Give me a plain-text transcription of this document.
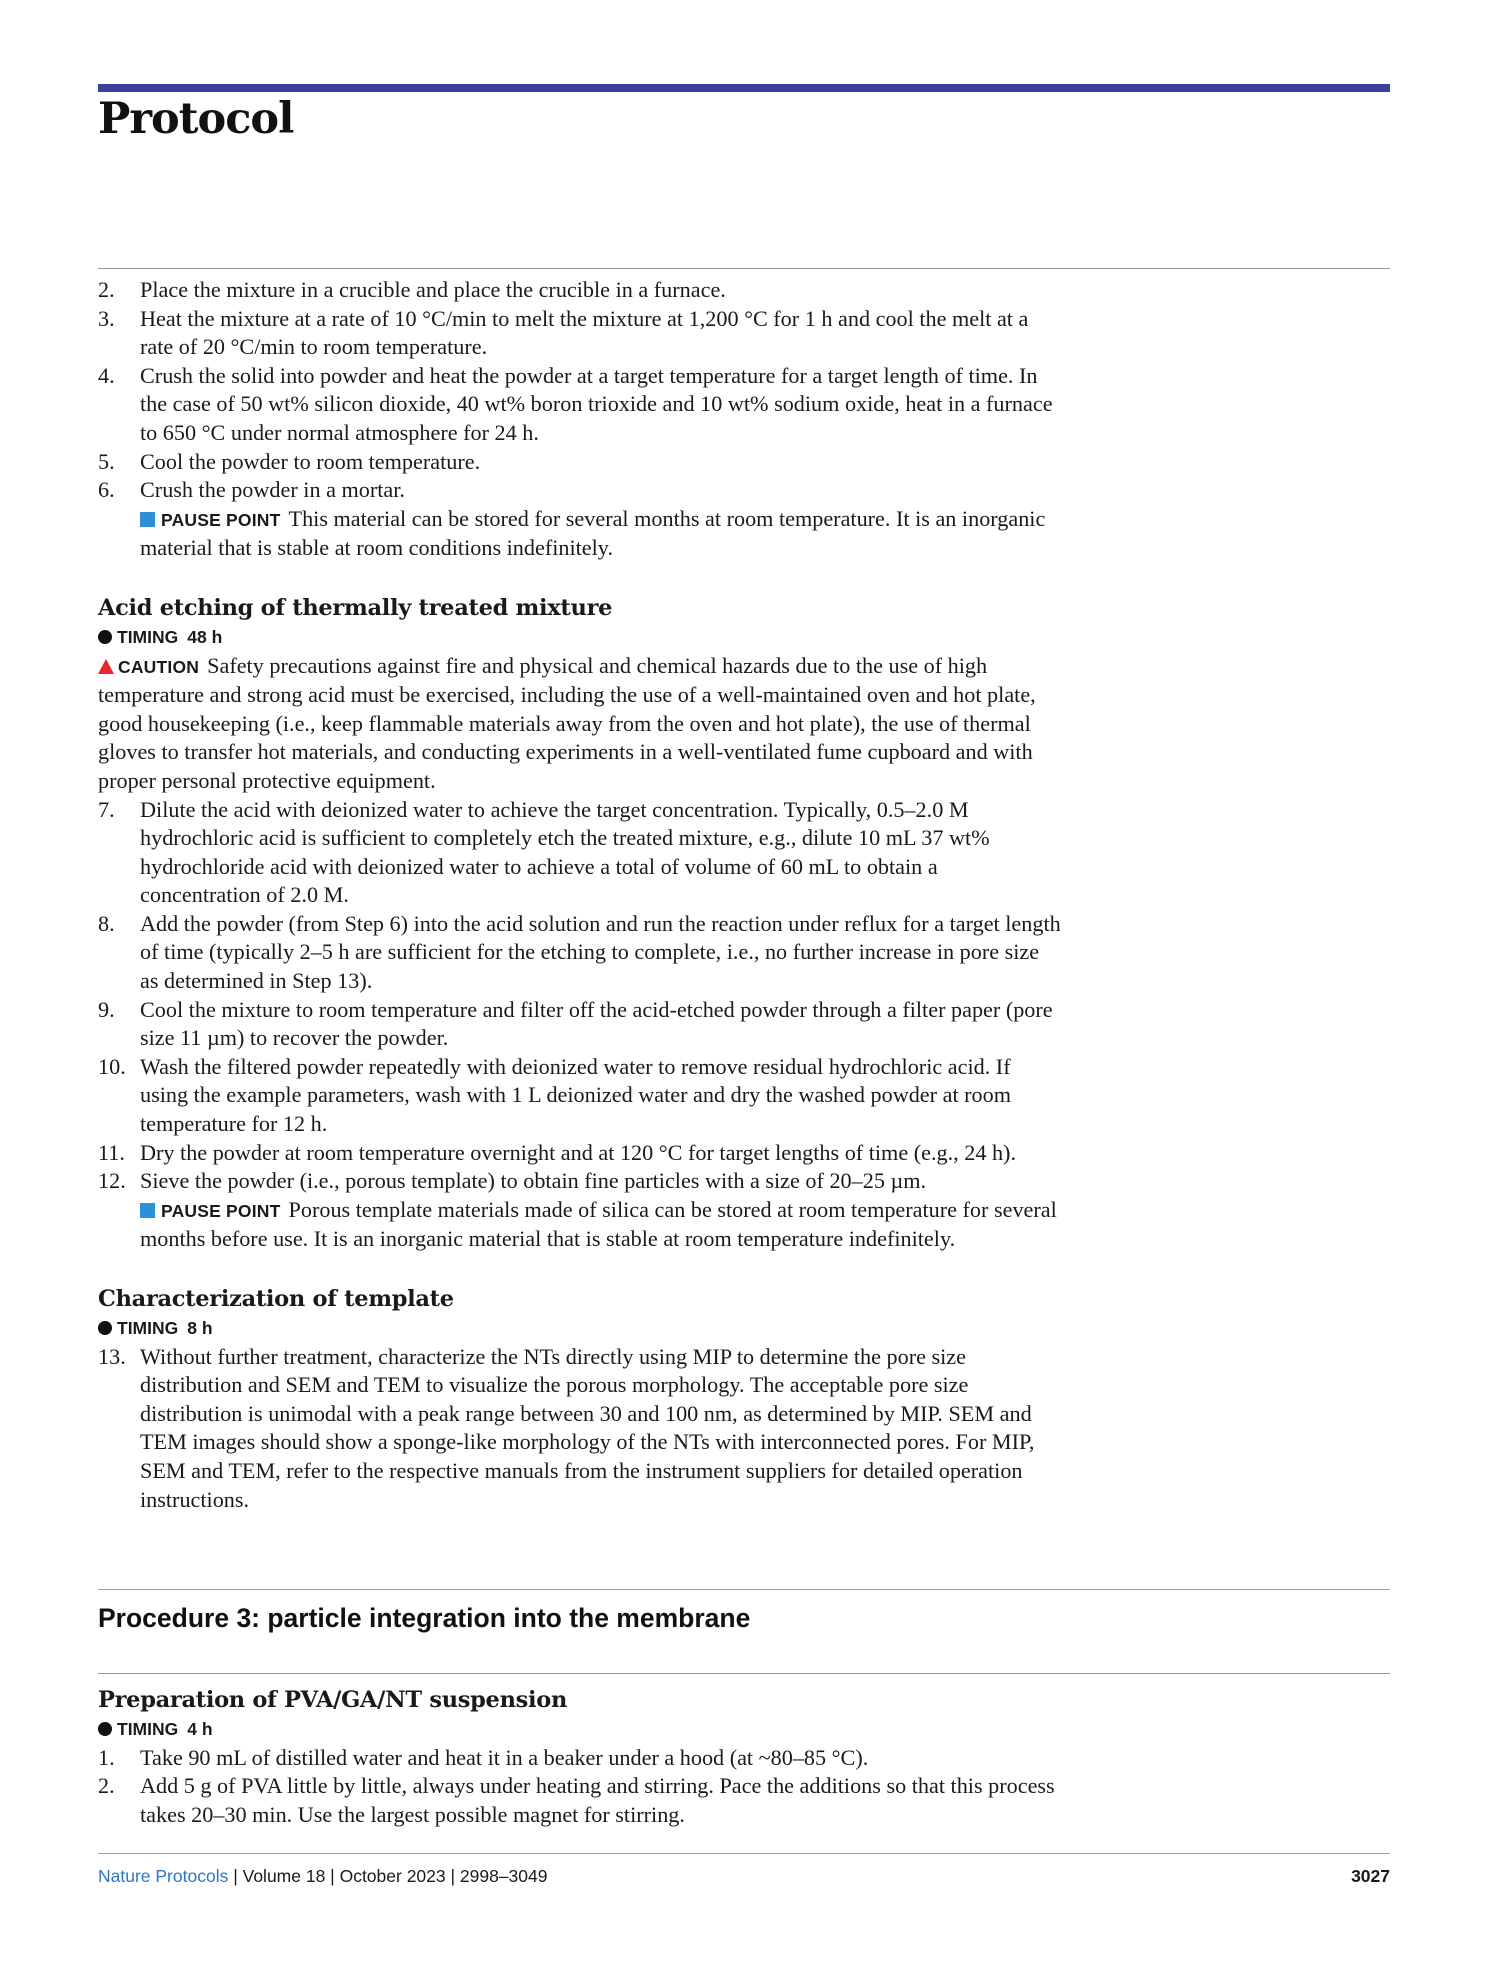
Protocol
2.	Place the mixture in a crucible and place the crucible in a furnace.
3.	Heat the mixture at a rate of 10 °C/min to melt the mixture at 1,200 °C for 1 h and cool the melt at a rate of 20 °C/min to room temperature.
4.	Crush the solid into powder and heat the powder at a target temperature for a target length of time. In the case of 50 wt% silicon dioxide, 40 wt% boron trioxide and 10 wt% sodium oxide, heat in a furnace to 650 °C under normal atmosphere for 24 h.
5.	Cool the powder to room temperature.
6.	Crush the powder in a mortar.
PAUSE POINT This material can be stored for several months at room temperature. It is an inorganic material that is stable at room conditions indefinitely.
Acid etching of thermally treated mixture
TIMING 48 h
CAUTION Safety precautions against fire and physical and chemical hazards due to the use of high temperature and strong acid must be exercised, including the use of a well-maintained oven and hot plate, good housekeeping (i.e., keep flammable materials away from the oven and hot plate), the use of thermal gloves to transfer hot materials, and conducting experiments in a well-ventilated fume cupboard and with proper personal protective equipment.
7.	Dilute the acid with deionized water to achieve the target concentration. Typically, 0.5–2.0 M hydrochloric acid is sufficient to completely etch the treated mixture, e.g., dilute 10 mL 37 wt% hydrochloride acid with deionized water to achieve a total of volume of 60 mL to obtain a concentration of 2.0 M.
8.	Add the powder (from Step 6) into the acid solution and run the reaction under reflux for a target length of time (typically 2–5 h are sufficient for the etching to complete, i.e., no further increase in pore size as determined in Step 13).
9.	Cool the mixture to room temperature and filter off the acid-etched powder through a filter paper (pore size 11 µm) to recover the powder.
10. Wash the filtered powder repeatedly with deionized water to remove residual hydrochloric acid. If using the example parameters, wash with 1 L deionized water and dry the washed powder at room temperature for 12 h.
11. Dry the powder at room temperature overnight and at 120 °C for target lengths of time (e.g., 24 h).
12. Sieve the powder (i.e., porous template) to obtain fine particles with a size of 20–25 µm.
PAUSE POINT Porous template materials made of silica can be stored at room temperature for several months before use. It is an inorganic material that is stable at room temperature indefinitely.
Characterization of template
TIMING 8 h
13. Without further treatment, characterize the NTs directly using MIP to determine the pore size distribution and SEM and TEM to visualize the porous morphology. The acceptable pore size distribution is unimodal with a peak range between 30 and 100 nm, as determined by MIP. SEM and TEM images should show a sponge-like morphology of the NTs with interconnected pores. For MIP, SEM and TEM, refer to the respective manuals from the instrument suppliers for detailed operation instructions.
Procedure 3: particle integration into the membrane
Preparation of PVA/GA/NT suspension
TIMING 4 h
1.	Take 90 mL of distilled water and heat it in a beaker under a hood (at ~80–85 °C).
2.	Add 5 g of PVA little by little, always under heating and stirring. Pace the additions so that this process takes 20–30 min. Use the largest possible magnet for stirring.
Nature Protocols | Volume 18 | October 2023 | 2998–3049	3027
